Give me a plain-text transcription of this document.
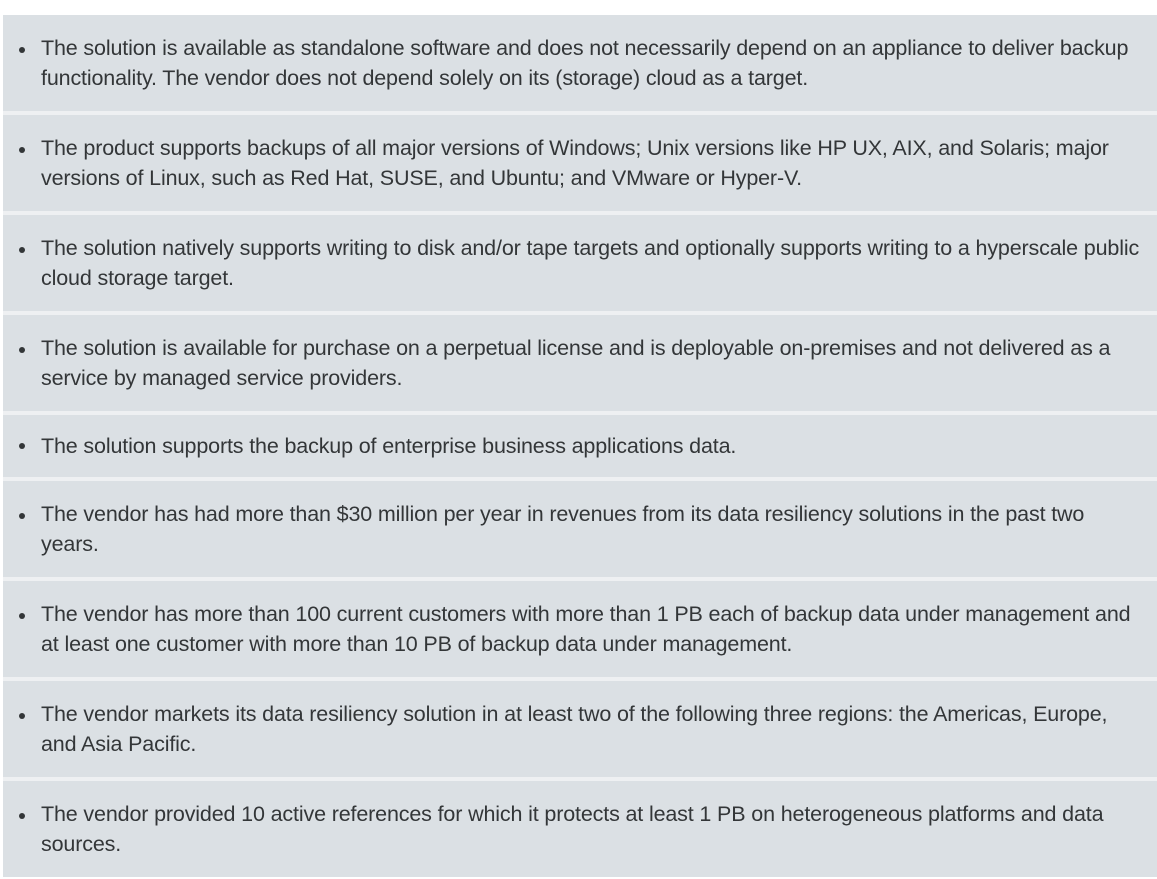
The solution is available as standalone software and does not necessarily depend on an appliance to deliver backup functionality. The vendor does not depend solely on its (storage) cloud as a target.
The product supports backups of all major versions of Windows; Unix versions like HP UX, AIX, and Solaris; major versions of Linux, such as Red Hat, SUSE, and Ubuntu; and VMware or Hyper-V.
The solution natively supports writing to disk and/or tape targets and optionally supports writing to a hyperscale public cloud storage target.
The solution is available for purchase on a perpetual license and is deployable on-premises and not delivered as a service by managed service providers.
The solution supports the backup of enterprise business applications data.
The vendor has had more than $30 million per year in revenues from its data resiliency solutions in the past two years.
The vendor has more than 100 current customers with more than 1 PB each of backup data under management and at least one customer with more than 10 PB of backup data under management.
The vendor markets its data resiliency solution in at least two of the following three regions: the Americas, Europe, and Asia Pacific.
The vendor provided 10 active references for which it protects at least 1 PB on heterogeneous platforms and data sources.
